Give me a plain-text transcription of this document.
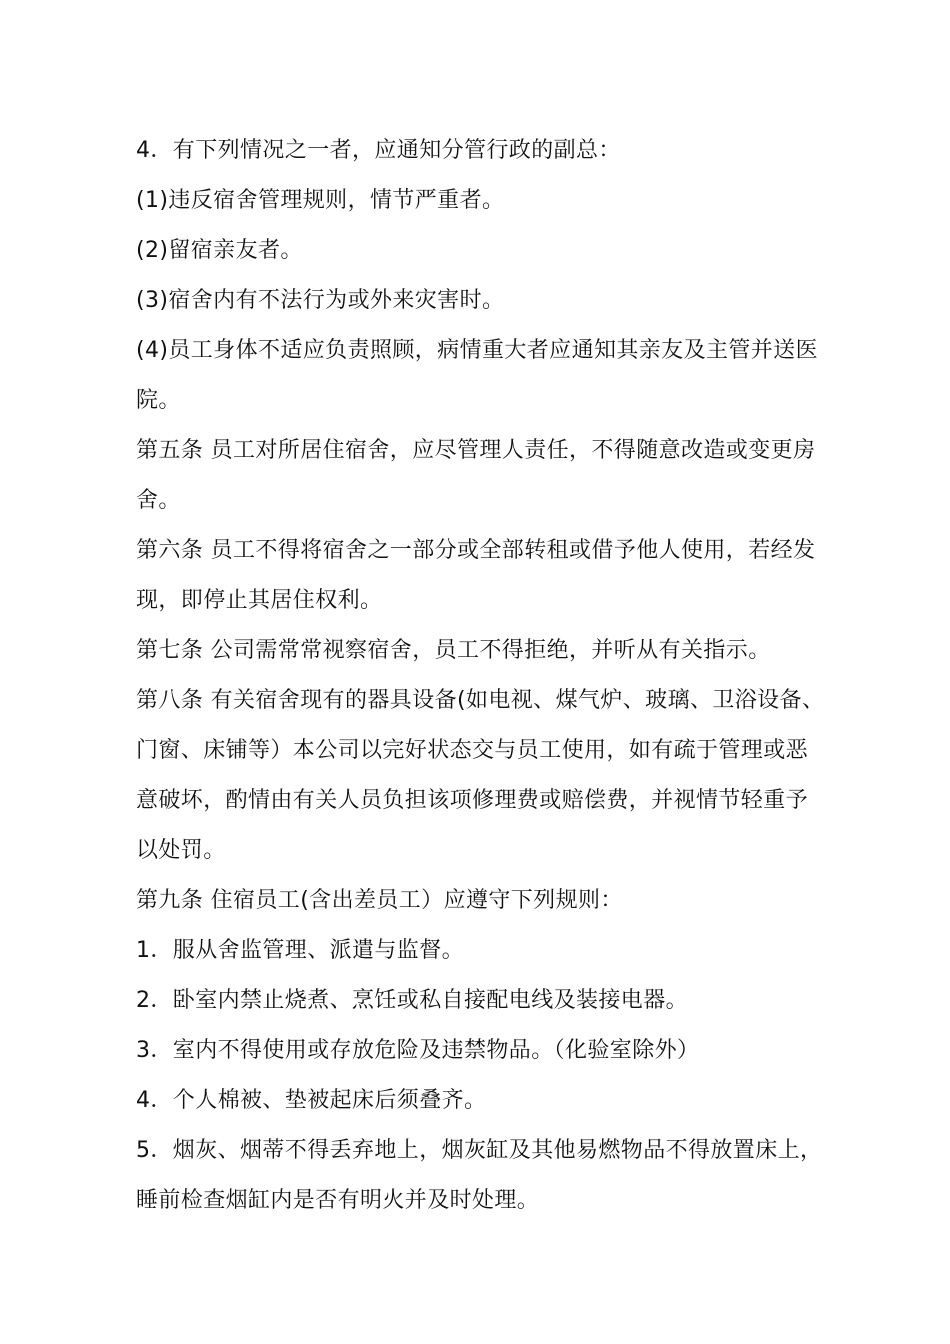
4．有下列情况之一者，应通知分管行政的副总：
(1)违反宿舍管理规则，情节严重者。
(2)留宿亲友者。
(3)宿舍内有不法行为或外来灾害时。
(4)员工身体不适应负责照顾，病情重大者应通知其亲友及主管并送医
院。
第五条 员工对所居住宿舍，应尽管理人责任，不得随意改造或变更房
舍。
第六条 员工不得将宿舍之一部分或全部转租或借予他人使用，若经发
现，即停止其居住权利。
第七条 公司需常常视察宿舍，员工不得拒绝，并听从有关指示。
第八条 有关宿舍现有的器具设备(如电视、煤气炉、玻璃、卫浴设备、
门窗、床铺等）本公司以完好状态交与员工使用，如有疏于管理或恶
意破坏，酌情由有关人员负担该项修理费或赔偿费，并视情节轻重予
以处罚。
第九条 住宿员工(含出差员工）应遵守下列规则：
1．服从舍监管理、派遣与监督。
2．卧室内禁止烧煮、烹饪或私自接配电线及装接电器。
3．室内不得使用或存放危险及违禁物品。（化验室除外）
4．个人棉被、垫被起床后须叠齐。
5．烟灰、烟蒂不得丢弃地上，烟灰缸及其他易燃物品不得放置床上，
睡前检查烟缸内是否有明火并及时处理。
